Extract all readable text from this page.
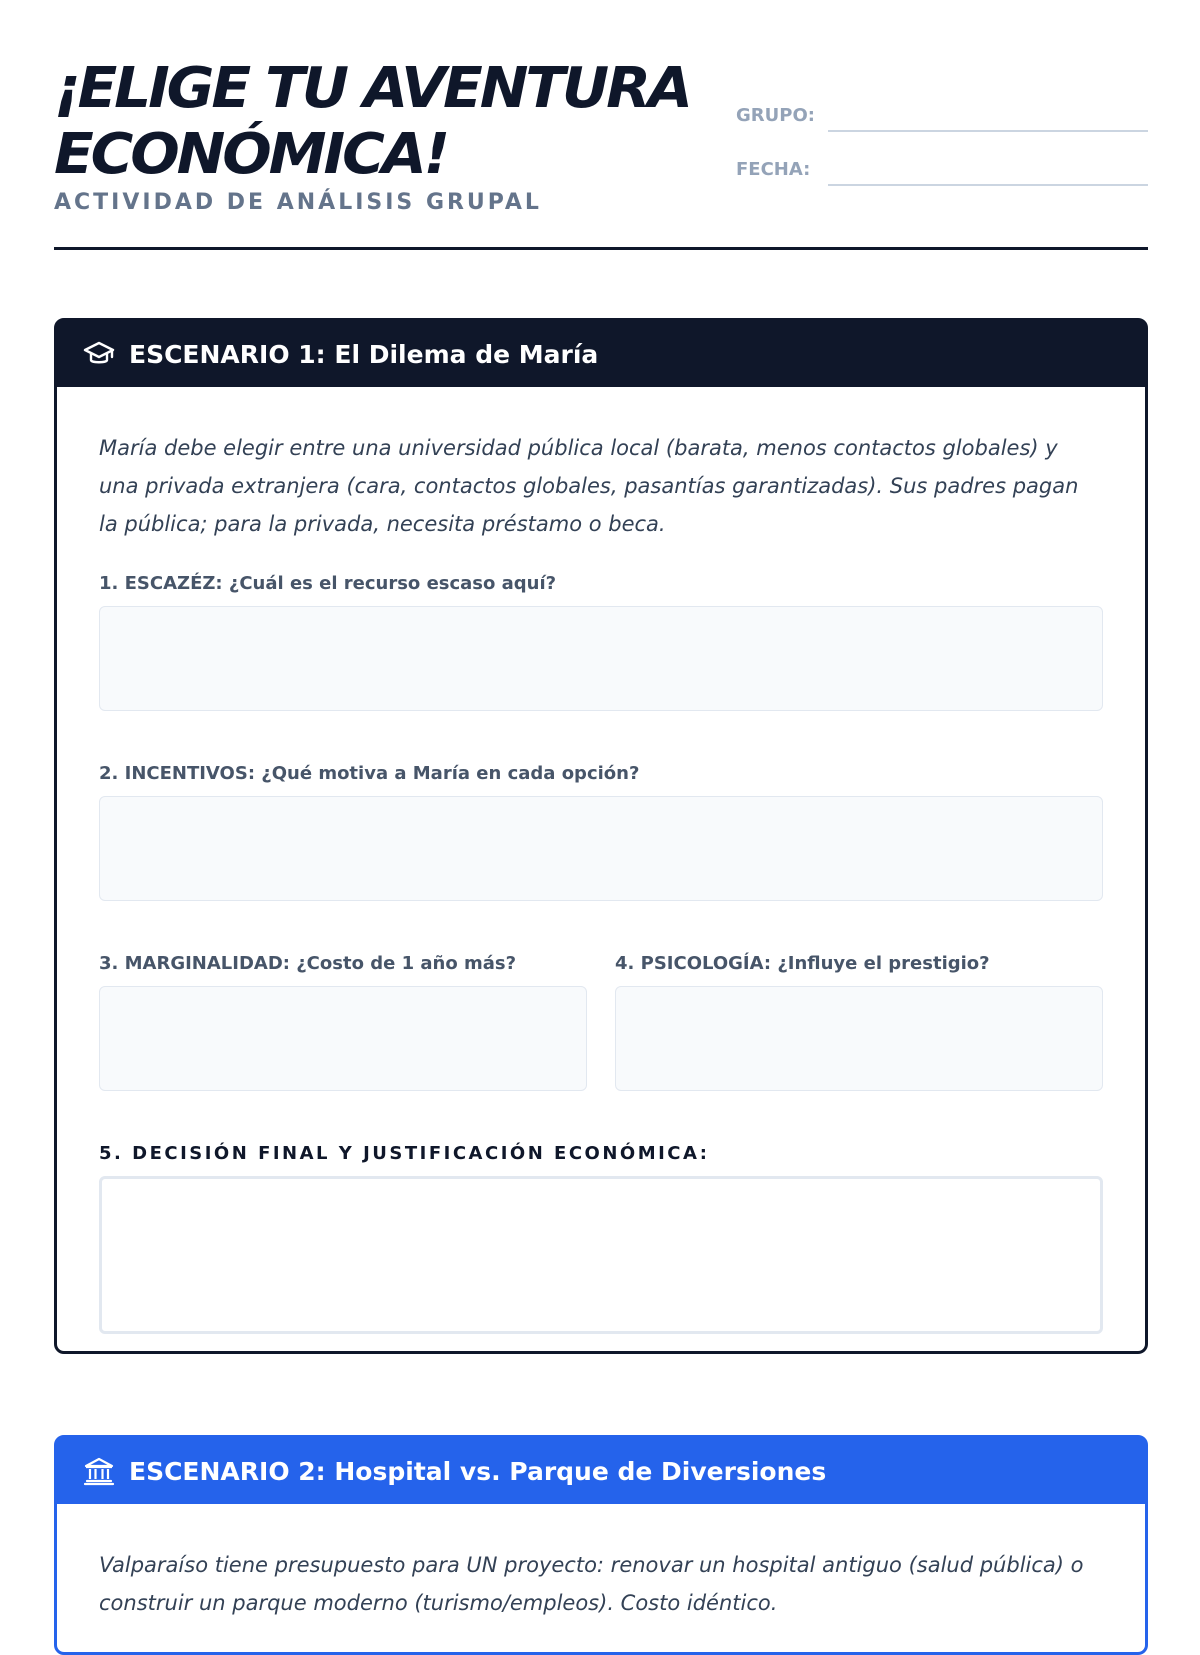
¡ELIGE TU AVENTURA
ECONÓMICA!
ACTIVIDAD DE ANÁLISIS GRUPAL
GRUPO:
FECHA:
ESCENARIO 1: El Dilema de María

María debe elegir entre una universidad pública local (barata, menos contactos globales) y una privada extranjera (cara, contactos globales, pasantías garantizadas). Sus padres pagan la pública; para la privada, necesita préstamo o beca.

1. ESCAZÉZ: ¿Cuál es el recurso escaso aquí?
2. INCENTIVOS: ¿Qué motiva a María en cada opción?
3. MARGINALIDAD: ¿Costo de 1 año más?	4. PSICOLOGÍA: ¿Influye el prestigio?
5. DECISIÓN FINAL Y JUSTIFICACIÓN ECONÓMICA:
ESCENARIO 2: Hospital vs. Parque de Diversiones

Valparaíso tiene presupuesto para UN proyecto: renovar un hospital antiguo (salud pública) o construir un parque moderno (turismo/empleos). Costo idéntico.
